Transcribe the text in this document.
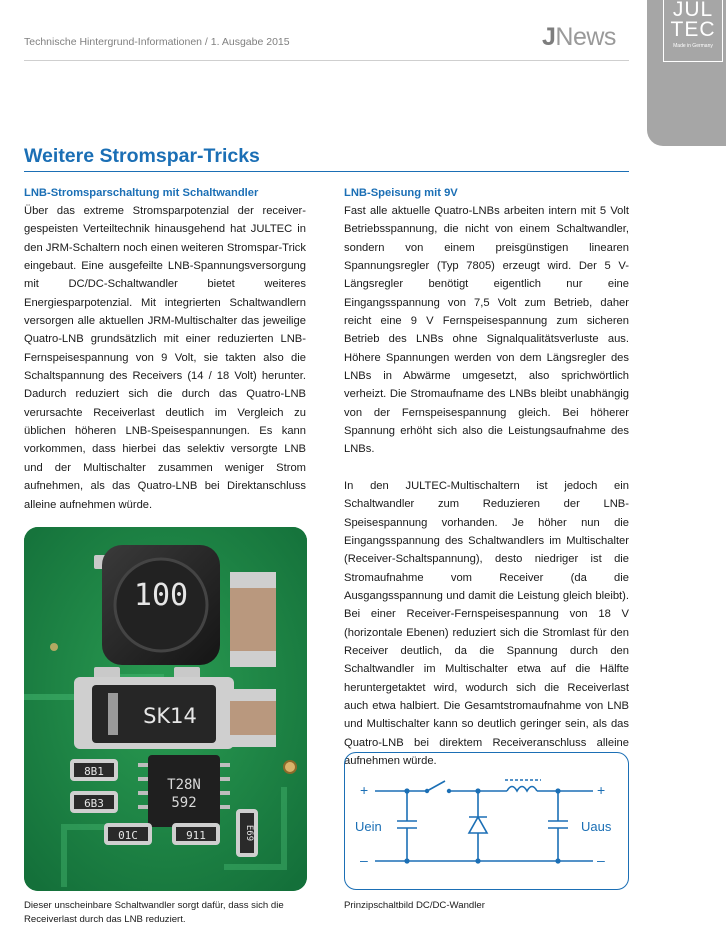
JUL
TEC
Made in Germany
Technische Hintergrund-Informationen / 1. Ausgabe 2015	JNews
Weitere Stromspar-Tricks
LNB-Stromsparschaltung mit Schaltwandler

Über das extreme Stromsparpotenzial der receiver-gespeisten Verteiltechnik hinausgehend hat JULTEC in den JRM-Schaltern noch einen weiteren Stromspar-Trick eingebaut. Eine ausgefeilte LNB-Spannungsversorgung mit DC/DC-Schaltwandler bietet weiteres Energiesparpotenzial. Mit integrierten Schaltwandlern versorgen alle aktuellen JRM-Multischalter das jeweilige Quatro-LNB grundsätzlich mit einer reduzierten LNB-Fernspeisespannung von 9 Volt, sie takten also die Schaltspannung des Receivers (14 / 18 Volt) herunter. Dadurch reduziert sich die durch das Quatro-LNB verursachte Receiverlast deutlich im Vergleich zu üblichen höheren LNB-Speisespannungen. Es kann vorkommen, dass hierbei das selektiv versorgte LNB und der Multischalter zusammen weniger Strom aufnehmen, als das Quatro-LNB bei Direktanschluss alleine aufnehmen würde.

LNB-Speisung mit 9V

Fast alle aktuelle Quatro-LNBs arbeiten intern mit 5 Volt Betriebsspannung, die nicht von einem Schaltwandler, sondern von einem preisgünstigen linearen Spannungsregler (Typ 7805) erzeugt wird. Der 5 V-Längsregler benötigt eigentlich nur eine Eingangsspannung von 7,5 Volt zum Betrieb, daher reicht eine 9 V Fernspeisespannung zum sicheren Betrieb des LNBs ohne Signalqualitätsverluste aus. Höhere Spannungen werden von dem Längsregler des LNBs in Abwärme umgesetzt, also sprichwörtlich verheizt. Die Stromaufname des LNBs bleibt unabhängig von der Fernspeisespannung gleich. Bei höherer Spannung erhöht sich also die Leistungsaufnahme des LNBs.

In den JULTEC-Multischaltern ist jedoch ein Schaltwandler zum Reduzieren der LNB-Speisespannung vorhanden. Je höher nun die Eingangsspannung des Schaltwandlers im Multischalter (Receiver-Schaltspannung), desto niedriger ist die Stromaufnahme vom Receiver (da die Ausgangsspannung und damit die Leistung gleich bleibt). Bei einer Receiver-Fernspeisespannung von 18 V (horizontale Ebenen) reduziert sich die Stromlast für den Receiver deutlich, da die Spannung durch den Schaltwandler im Multischalter etwa auf die Hälfte heruntergetaktet wird, wodurch sich die Receiverlast auch etwa halbiert. Die Gesamtstromaufnahme von LNB und Multischalter kann so deutlich geringer sein, als das Quatro-LNB bei direktem Receiveranschluss alleine aufnehmen würde.

100
SK14
T28N
592
8B1
6B3
01C	911	E69
Dieser unscheinbare Schaltwandler sorgt dafür, dass sich die Receiverlast durch das LNB reduziert.
+
–
+
–
Uein	Uaus
Prinzipschaltbild DC/DC-Wandler
